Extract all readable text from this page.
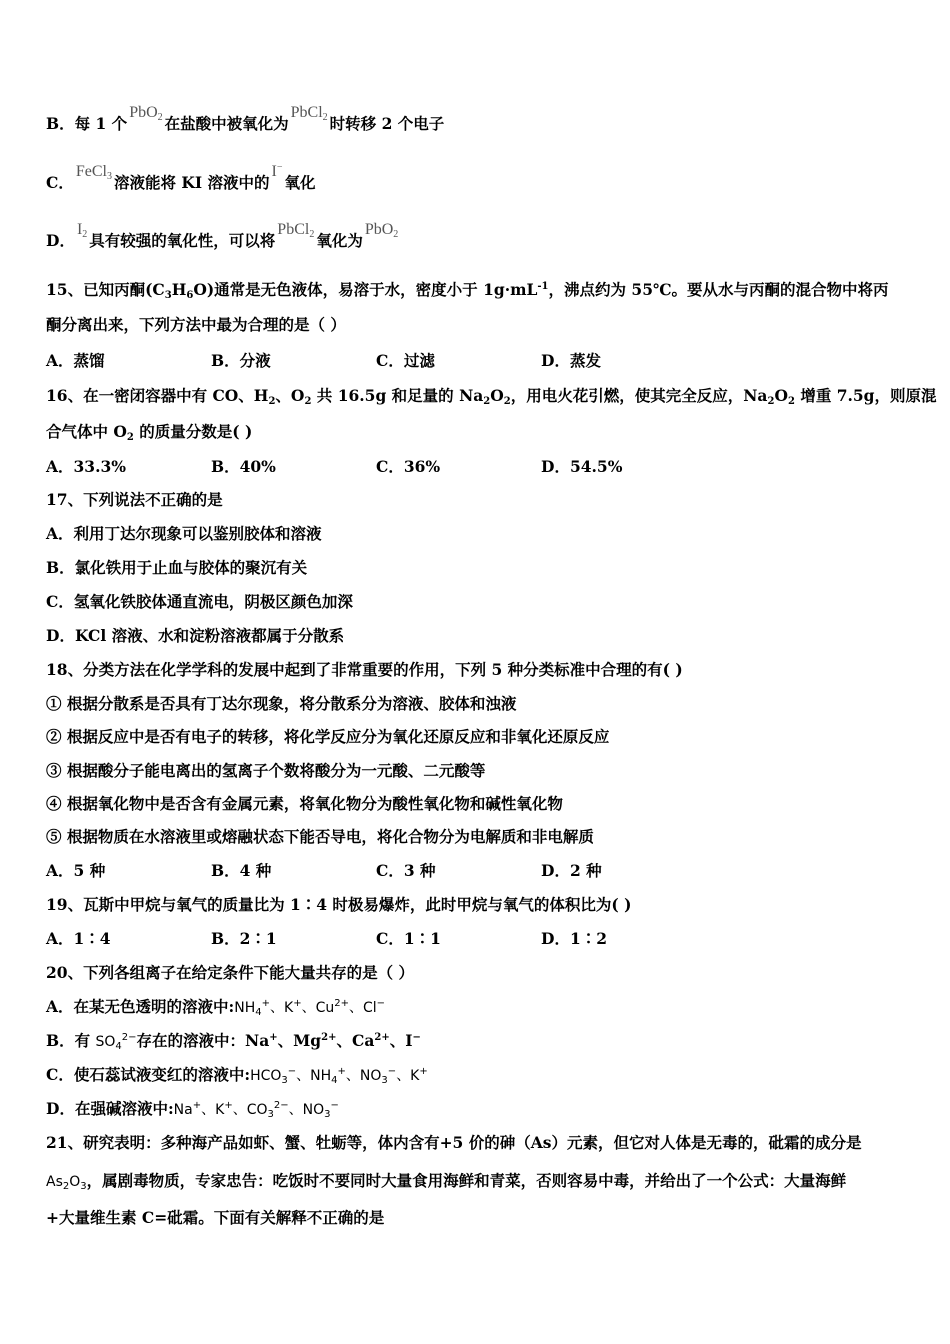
B．每 1 个PbO$_2$ 在盐酸中被氧化为PbCl$_2$ 时转移 2 个电子
C．FeCl$_3$ 溶液能将 KI 溶液中的I−氧化
D．$I_2$ 具有较强的氧化性，可以将PbCl$_2$ 氧化为PbO$_2$
15、已知丙酮$(C_3H_6O)$通常是无色液体，易溶于水，密度小于 $1g\cdot mL^{-1}$，沸点约为 55℃。要从水与丙酮的混合物中将丙
酮分离出来，下列方法中最为合理的是（ ）
A．蒸馏	B．分液	C．过滤	D．蒸发
16、在一密闭容器中有 CO、$H_2$、$O_2$ 共 16.5g 和足量的 $Na_2O_2$，用电火花引燃，使其完全反应，$Na_2O_2$ 增重 7.5g，则原混
合气体中 $O_2$ 的质量分数是( )
A．33.3%	B．40%	C．36%	D．54.5%
17、下列说法不正确的是
A．利用丁达尔现象可以鉴别胶体和溶液
B．氯化铁用于止血与胶体的聚沉有关
C．氢氧化铁胶体通直流电，阴极区颜色加深
D．KCl 溶液、水和淀粉溶液都属于分散系
18、分类方法在化学学科的发展中起到了非常重要的作用，下列 5 种分类标准中合理的有( )
① 根据分散系是否具有丁达尔现象，将分散系分为溶液、胶体和浊液
② 根据反应中是否有电子的转移，将化学反应分为氧化还原反应和非氧化还原反应
③ 根据酸分子能电离出的氢离子个数将酸分为一元酸、二元酸等
④ 根据氧化物中是否含有金属元素，将氧化物分为酸性氧化物和碱性氧化物
⑤ 根据物质在水溶液里或熔融状态下能否导电，将化合物分为电解质和非电解质
A．5 种	B．4 种	C．3 种	D．2 种
19、瓦斯中甲烷与氧气的质量比为 1∶4 时极易爆炸，此时甲烷与氧气的体积比为( )
A．1∶4	B．2∶1	C．1∶1	D．1∶2
20、下列各组离子在给定条件下能大量共存的是（ ）
A．在某无色透明的溶液中$:NH_4^+$、K+、$Cu^{2+}$、Cl−
B．有 $SO_4^{2-}$存在的溶液中：Na+、$Mg^{2+}$、$Ca^{2+}$、I−
C．使石蕊试液变红的溶液中$:HCO_3^-$、$NH_4^+$、$NO_3^-$、K+
D．在强碱溶液中:Na+、K+、$CO_3^{2-}$、$NO_3^-$
21、研究表明：多种海产品如虾、蟹、牡蛎等，体内含有+5 价的砷（As）元素，但它对人体是无毒的，砒霜的成分是
$As_2O_3$，属剧毒物质，专家忠告：吃饭时不要同时大量食用海鲜和青菜，否则容易中毒，并给出了一个公式：大量海鲜
+大量维生素 C=砒霜。下面有关解释不正确的是
